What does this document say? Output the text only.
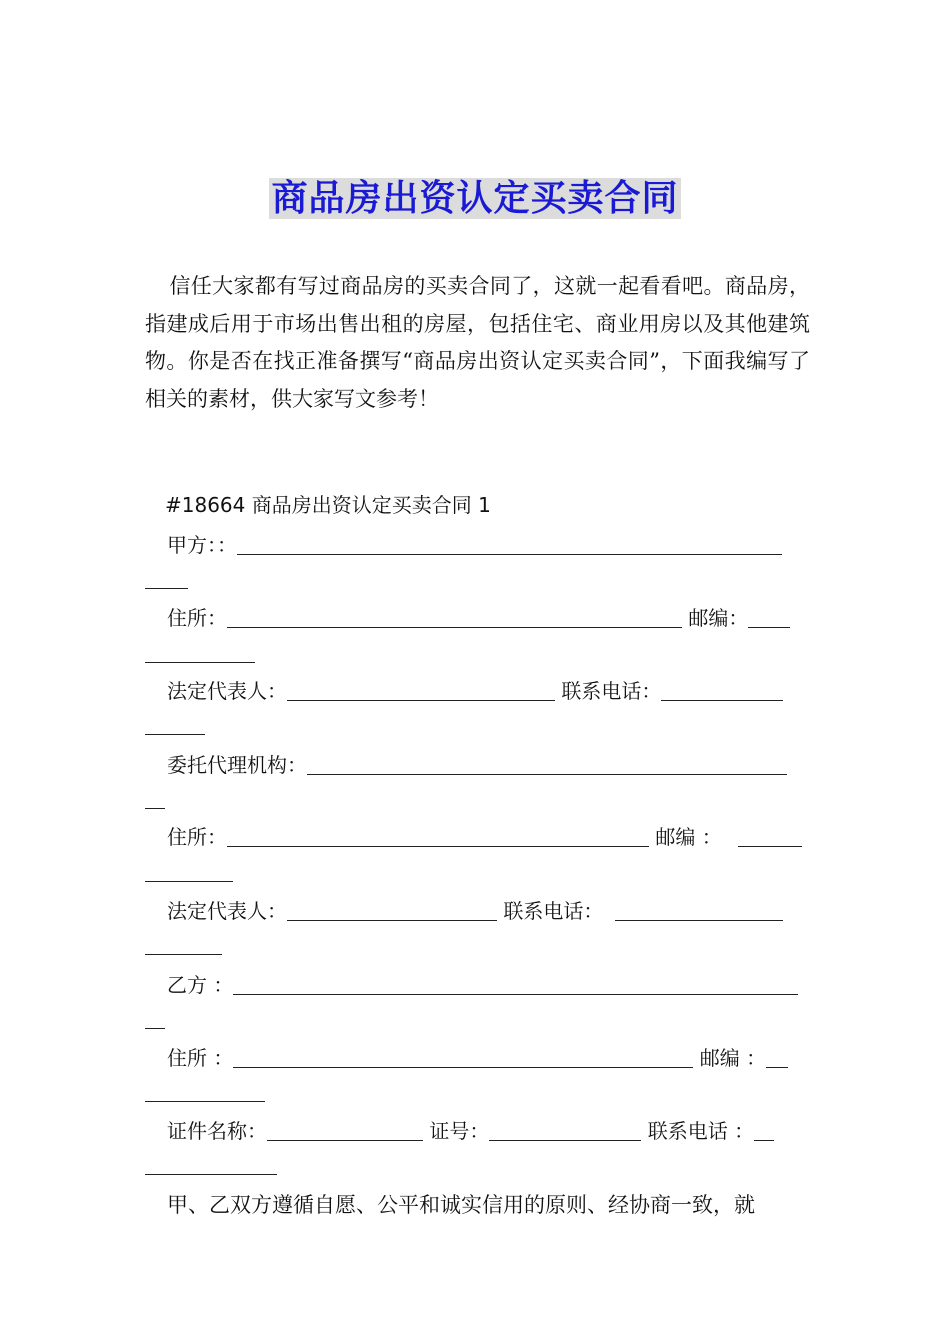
商品房出资认定买卖合同

信任大家都有写过商品房的买卖合同了，这就一起看看吧。商品房，指建成后用于市场出售出租的房屋，包括住宅、商业用房以及其他建筑物。你是否在找正准备撰写“商品房出资认定买卖合同”，下面我编写了相关的素材，供大家写文参考！

#18664 商品房出资认定买卖合同 1
甲方：：
住所：	邮编：
法定代表人：	联系电话：
委托代理机构：
住所：	邮编 ：
法定代表人：	联系电话：
乙方 ：
住所 ：	邮编 ：
证件名称：	证号：	联系电话 ：
甲、乙双方遵循自愿、公平和诚实信用的原则、经协商一致，就
